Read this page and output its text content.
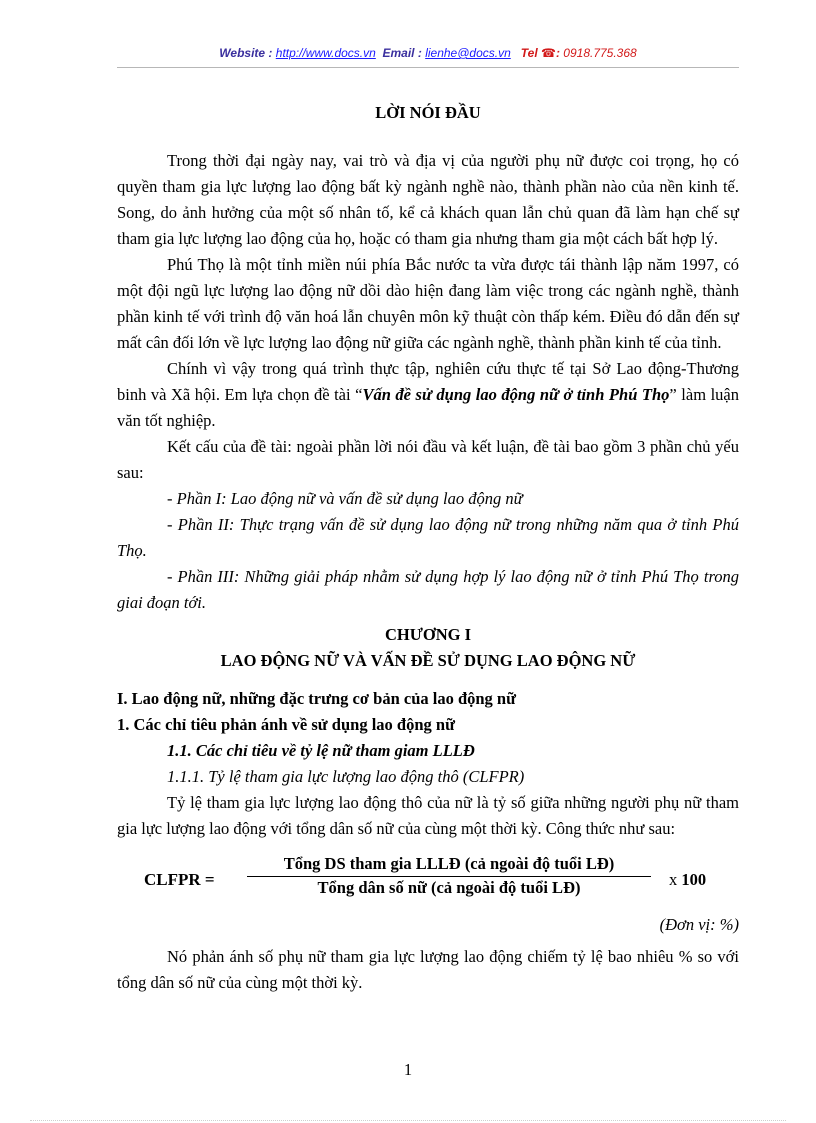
Website : http://www.docs.vn Email : lienhe@docs.vn Tel ☎: 0918.775.368

LỜI NÓI ĐẦU

Trong thời đại ngày nay, vai trò và địa vị của người phụ nữ được coi trọng, họ có quyền tham gia lực lượng lao động bất kỳ ngành nghề nào, thành phần nào của nền kinh tế. Song, do ảnh hưởng của một số nhân tố, kể cả khách quan lẫn chủ quan đã làm hạn chế sự tham gia lực lượng lao động của họ, hoặc có tham gia nhưng tham gia một cách bất hợp lý.

Phú Thọ là một tỉnh miền núi phía Bắc nước ta vừa được tái thành lập năm 1997, có một đội ngũ lực lượng lao động nữ dồi dào hiện đang làm việc trong các ngành nghề, thành phần kinh tế với trình độ văn hoá lẫn chuyên môn kỹ thuật còn thấp kém. Điều đó dẫn đến sự mất cân đối lớn về lực lượng lao động nữ giữa các ngành nghề, thành phần kinh tế của tỉnh.

Chính vì vậy trong quá trình thực tập, nghiên cứu thực tế tại Sở Lao động-Thương binh và Xã hội. Em lựa chọn đề tài “Vấn đề sử dụng lao động nữ ở tỉnh Phú Thọ” làm luận văn tốt nghiệp.

Kết cấu của đề tài: ngoài phần lời nói đầu và kết luận, đề tài bao gồm 3 phần chủ yếu sau:

- Phần I: Lao động nữ và vấn đề sử dụng lao động nữ

- Phần II: Thực trạng vấn đề sử dụng lao động nữ trong những năm qua ở tỉnh Phú Thọ.

- Phần III: Những giải pháp nhằm sử dụng hợp lý lao động nữ ở tỉnh Phú Thọ trong giai đoạn tới.

CHƯƠNG I

LAO ĐỘNG NỮ VÀ VẤN ĐỀ SỬ DỤNG LAO ĐỘNG NỮ

I. Lao động nữ, những đặc trưng cơ bản của lao động nữ

1. Các chỉ tiêu phản ánh về sử dụng lao động nữ

1.1. Các chỉ tiêu về tỷ lệ nữ tham giam LLLĐ

1.1.1. Tỷ lệ tham gia lực lượng lao động thô (CLFPR)

Tỷ lệ tham gia lực lượng lao động thô của nữ là tỷ số giữa những người phụ nữ tham gia lực lượng lao động với tổng dân số nữ của cùng một thời kỳ. Công thức như sau:

CLFPR =
Tổng DS tham gia LLLĐ (cả ngoài độ tuổi LĐ)
Tổng dân số nữ (cả ngoài độ tuổi LĐ)	x 100

(Đơn vị: %)

Nó phản ánh số phụ nữ tham gia lực lượng lao động chiếm tỷ lệ bao nhiêu % so với tổng dân số nữ của cùng một thời kỳ.

1
